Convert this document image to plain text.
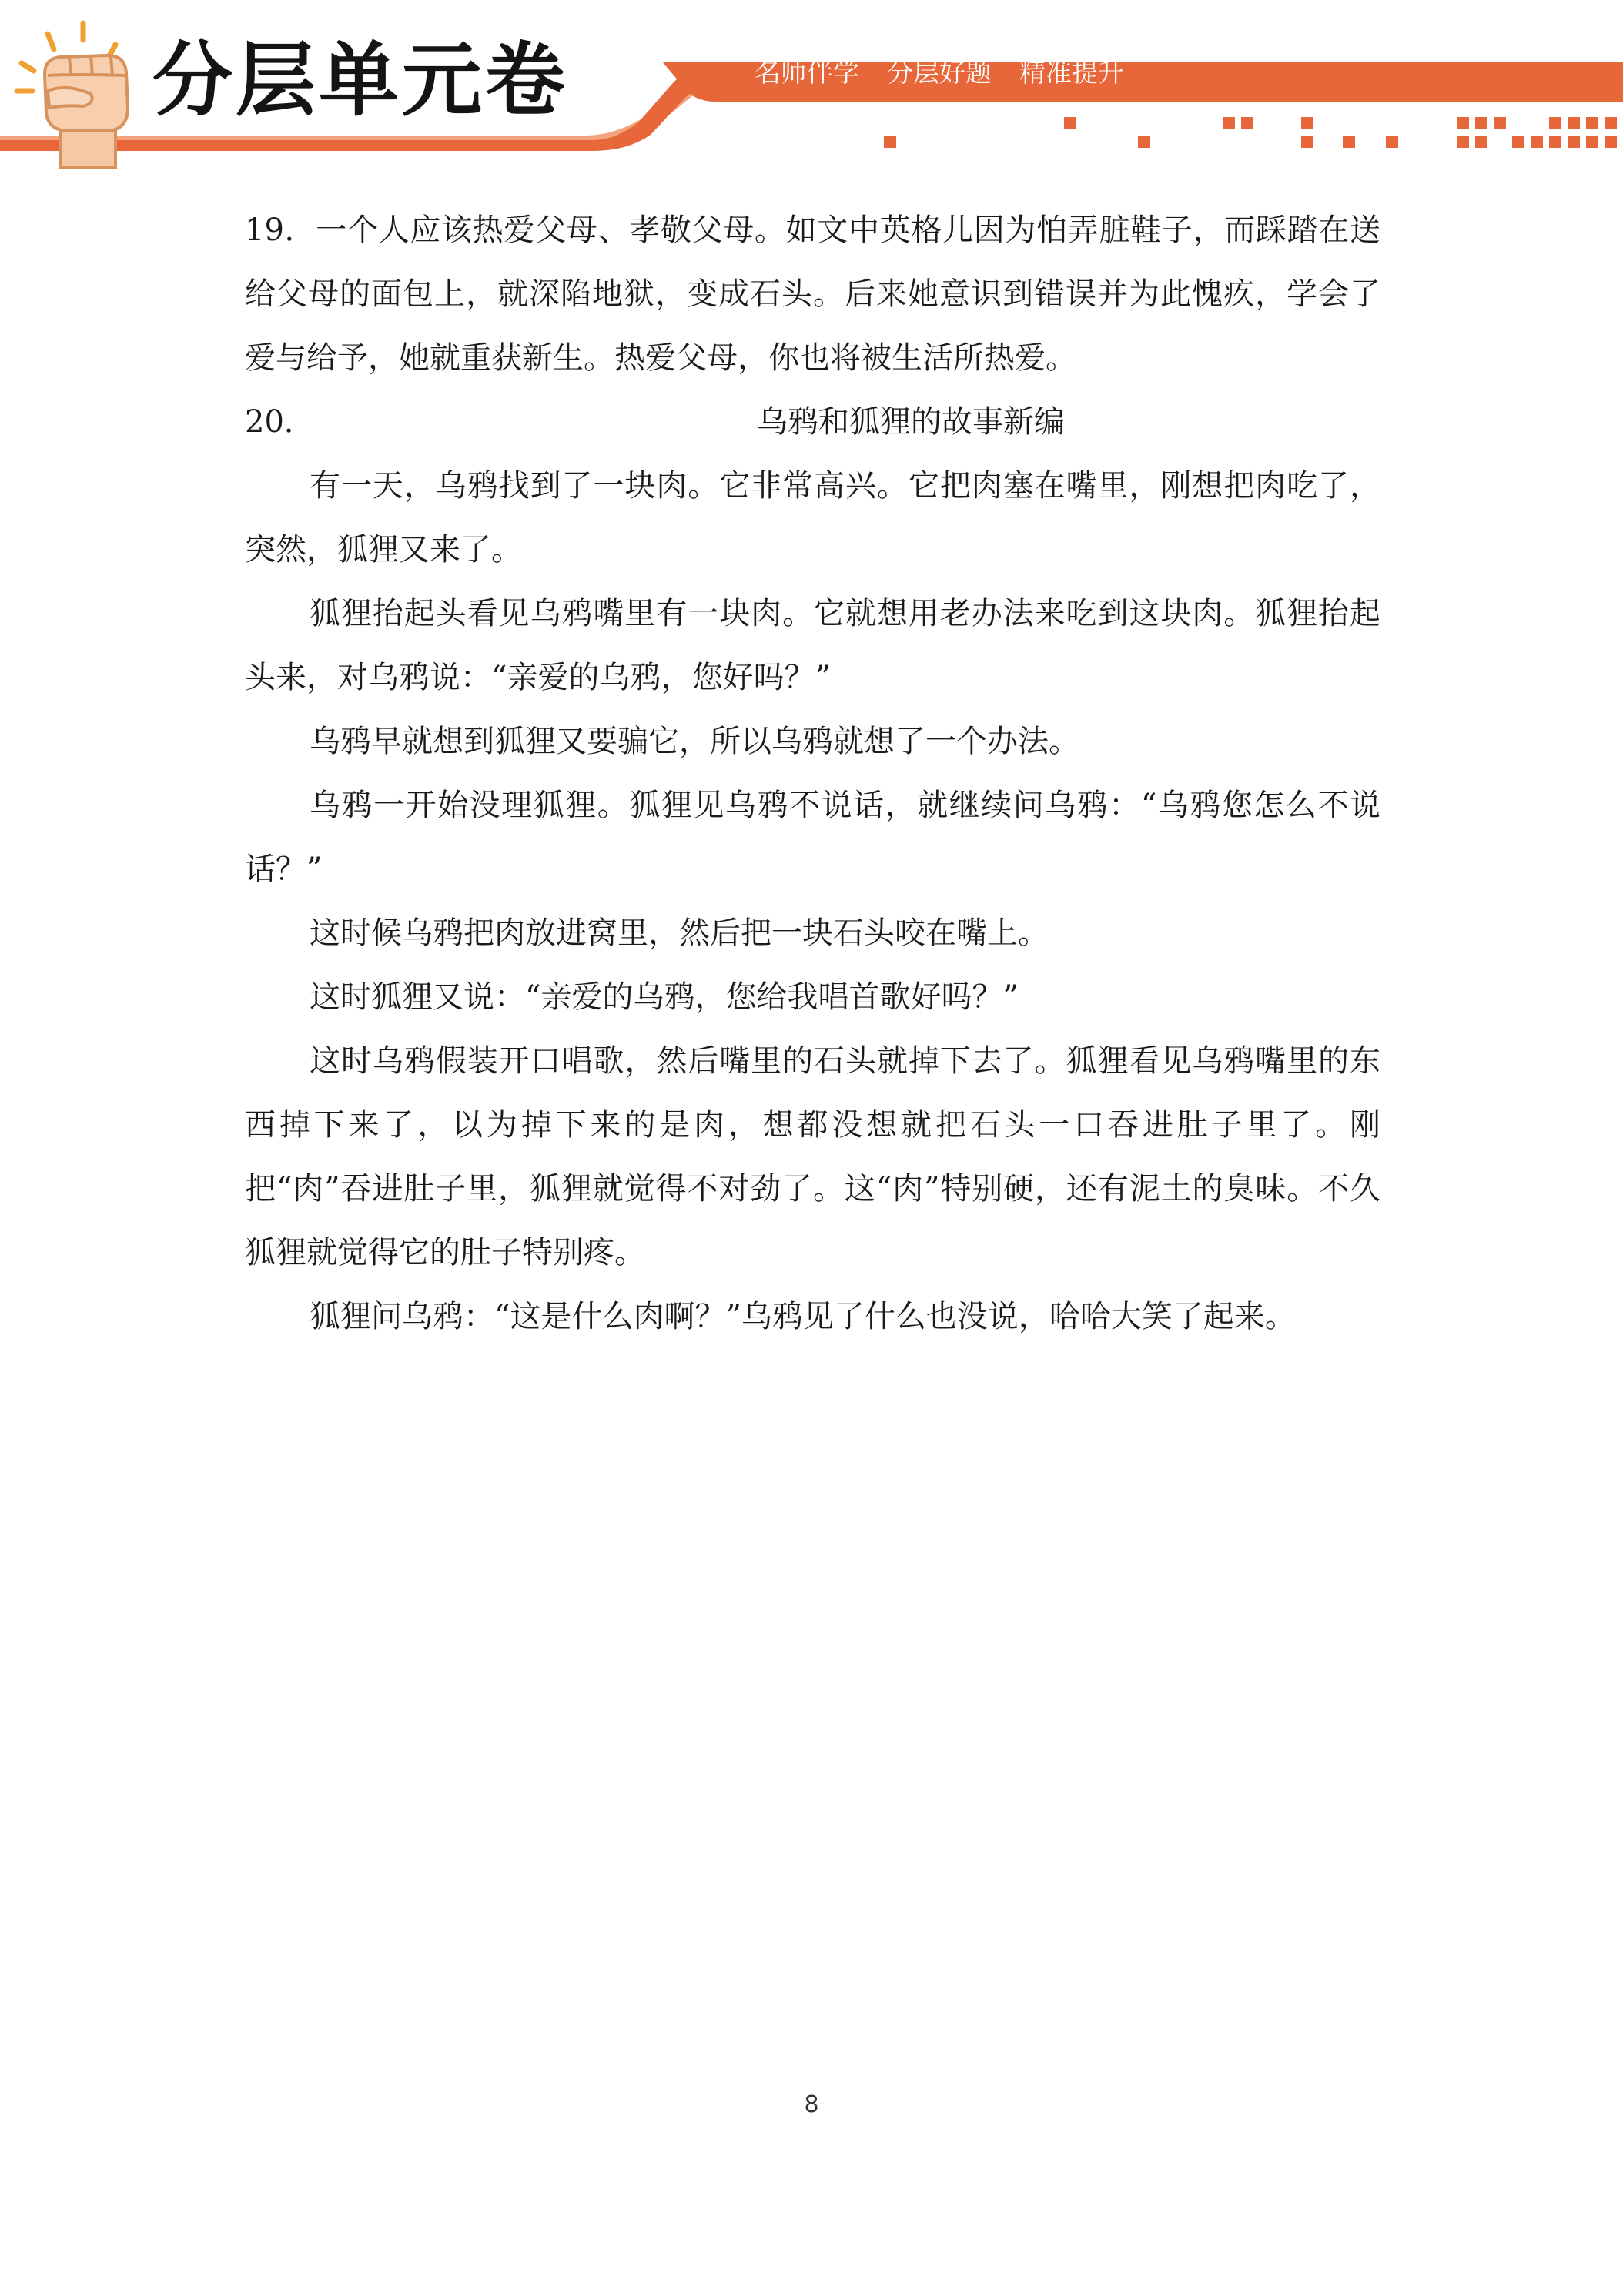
分层单元卷	名师伴学 分层好题 精准提升

19．一个人应该热爱父母、孝敬父母。如文中英格儿因为怕弄脏鞋子，而踩踏在送给父母的面包上，就深陷地狱，变成石头。后来她意识到错误并为此愧疚，学会了爱与给予，她就重获新生。热爱父母，你也将被生活所热爱。

20．	乌鸦和狐狸的故事新编

有一天，乌鸦找到了一块肉。它非常高兴。它把肉塞在嘴里，刚想把肉吃了，突然，狐狸又来了。

狐狸抬起头看见乌鸦嘴里有一块肉。它就想用老办法来吃到这块肉。狐狸抬起头来，对乌鸦说：“亲爱的乌鸦，您好吗？”

乌鸦早就想到狐狸又要骗它，所以乌鸦就想了一个办法。

乌鸦一开始没理狐狸。狐狸见乌鸦不说话，就继续问乌鸦：“乌鸦您怎么不说话？”

这时候乌鸦把肉放进窝里，然后把一块石头咬在嘴上。

这时狐狸又说：“亲爱的乌鸦，您给我唱首歌好吗？”

这时乌鸦假装开口唱歌，然后嘴里的石头就掉下去了。狐狸看见乌鸦嘴里的东西掉下来了，以为掉下来的是肉，想都没想就把石头一口吞进肚子里了。刚把“肉”吞进肚子里，狐狸就觉得不对劲了。这“肉”特别硬，还有泥土的臭味。不久狐狸就觉得它的肚子特别疼。

狐狸问乌鸦：“这是什么肉啊？”乌鸦见了什么也没说，哈哈大笑了起来。

8
